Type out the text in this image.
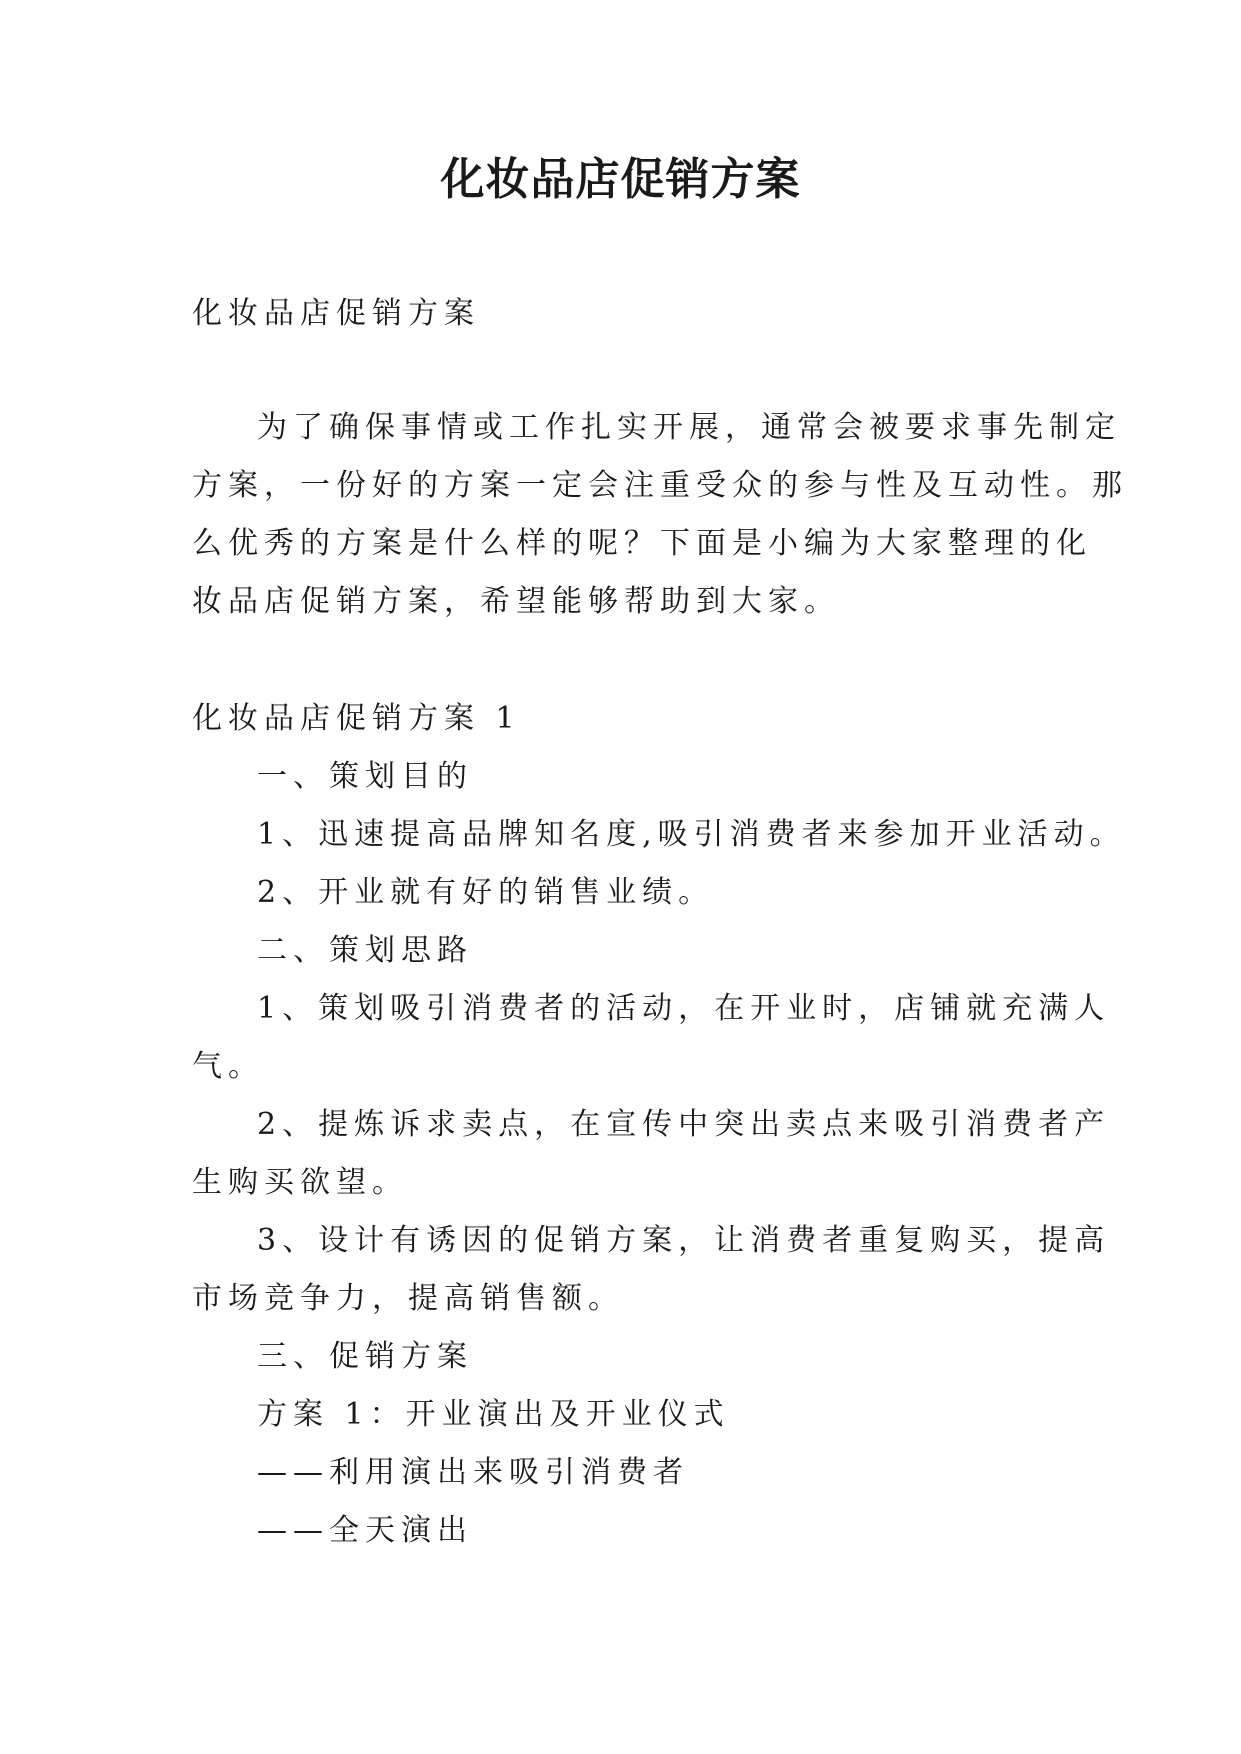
化妆品店促销方案

化妆品店促销方案

为了确保事情或工作扎实开展，通常会被要求事先制定

方案，一份好的方案一定会注重受众的参与性及互动性。那

么优秀的方案是什么样的呢？下面是小编为大家整理的化

妆品店促销方案，希望能够帮助到大家。

化妆品店促销方案 1

一、策划目的

1、迅速提高品牌知名度,吸引消费者来参加开业活动。

2、开业就有好的销售业绩。

二、策划思路

1、策划吸引消费者的活动，在开业时，店铺就充满人

气。

2、提炼诉求卖点，在宣传中突出卖点来吸引消费者产

生购买欲望。

3、设计有诱因的促销方案，让消费者重复购买，提高

市场竞争力，提高销售额。

三、促销方案

方案 1：开业演出及开业仪式

——利用演出来吸引消费者

——全天演出
